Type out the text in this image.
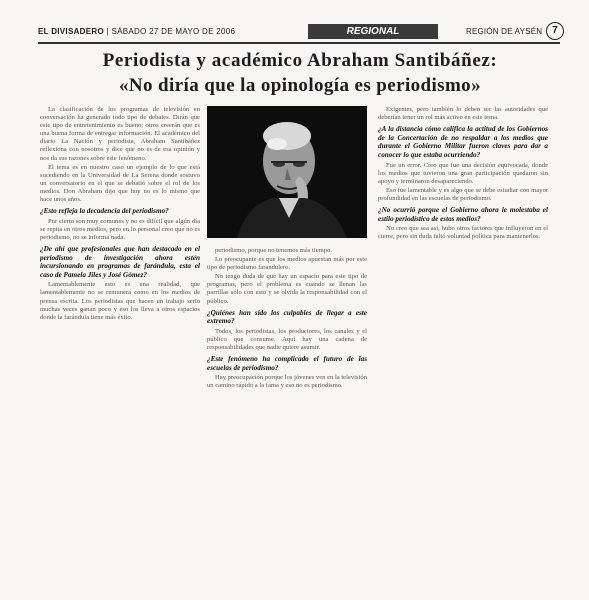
EL DIVISADERO | SÁBADO 27 DE MAYO DE 2006	REGIONAL	REGIÓN DE AYSÉN	7
Periodista y académico Abraham Santibáñez:
«No diría que la opinología es periodismo»

La clasificación de los programas de televisión en conversación ha generado todo tipo de debates. Dirán que este tipo de entretenimiento es bueno; otros creerán que es una buena forma de entregar información. El académico del diario La Nación y periodista, Abraham Santibáñez reflexiona con nosotros y dice que no es de esa opinión y nos da sus razones sobre este fenómeno.

El tema es en nuestro caso un ejemplo de lo que está sucediendo en la Universidad de La Serena donde sostuvo un conversatorio en el que se debatió sobre el rol de los medios. Don Abraham dijo que hoy no es lo mismo que hace unos años.

¿Esto refleja la decadencia del periodismo?

Por cierto son muy comunes y no es difícil que algún día se repita en otros medios, pero en lo personal creo que no es periodismo, no se informa nada.

¿De ahí que profesionales que han destacado en el periodismo de investigación ahora estén incursionando en programas de farándula, esta el caso de Pamela Jiles y José Gómez?

Lamentablemente esto es una realidad, que lamentablemente no se remunera como en los medios de prensa escrita. Los periodistas que hacen un trabajo serio muchas veces ganan poco y eso los lleva a otros espacios donde la farándula tiene más éxito.

periodismo, porque no tenemos más tiempo.

Lo preocupante es que los medios apuestan más por este tipo de periodismo farandulero.

No tengo duda de que hay un espacio para este tipo de programas, pero el problema es cuando se llenan las parrillas sólo con esto y se olvida la responsabilidad con el público.

¿Quiénes han sido los culpables de llegar a este extremo?

Todos, los periodistas, los productores, los canales y el público que consume. Aquí hay una cadena de responsabilidades que nadie quiere asumir.

¿Este fenómeno ha complicado el futuro de las escuelas de periodismo?

Hay preocupación porque los jóvenes ven en la televisión un camino rápido a la fama y eso no es periodismo.

Exigentes, pero también lo deben ser las autoridades que deberían tener un rol más activo en este tema.

¿A la distancia cómo califica la actitud de los Gobiernos de la Concertación de no respaldar a los medios que durante el Gobierno Militar fueron claves para dar a conocer lo que estaba ocurriendo?

Fue un error. Creo que fue una decisión equivocada, donde los medios que tuvieron una gran participación quedaron sin apoyo y terminaron desapareciendo.

Eso fue lamentable y es algo que se debe estudiar con mayor profundidad en las escuelas de periodismo.

¿No ocurrió porque el Gobierno ahora le molestaba el estilo periodístico de estos medios?

No creo que sea así, hubo otros factores que influyeron en el cierre, pero sin duda faltó voluntad política para mantenerlos.
